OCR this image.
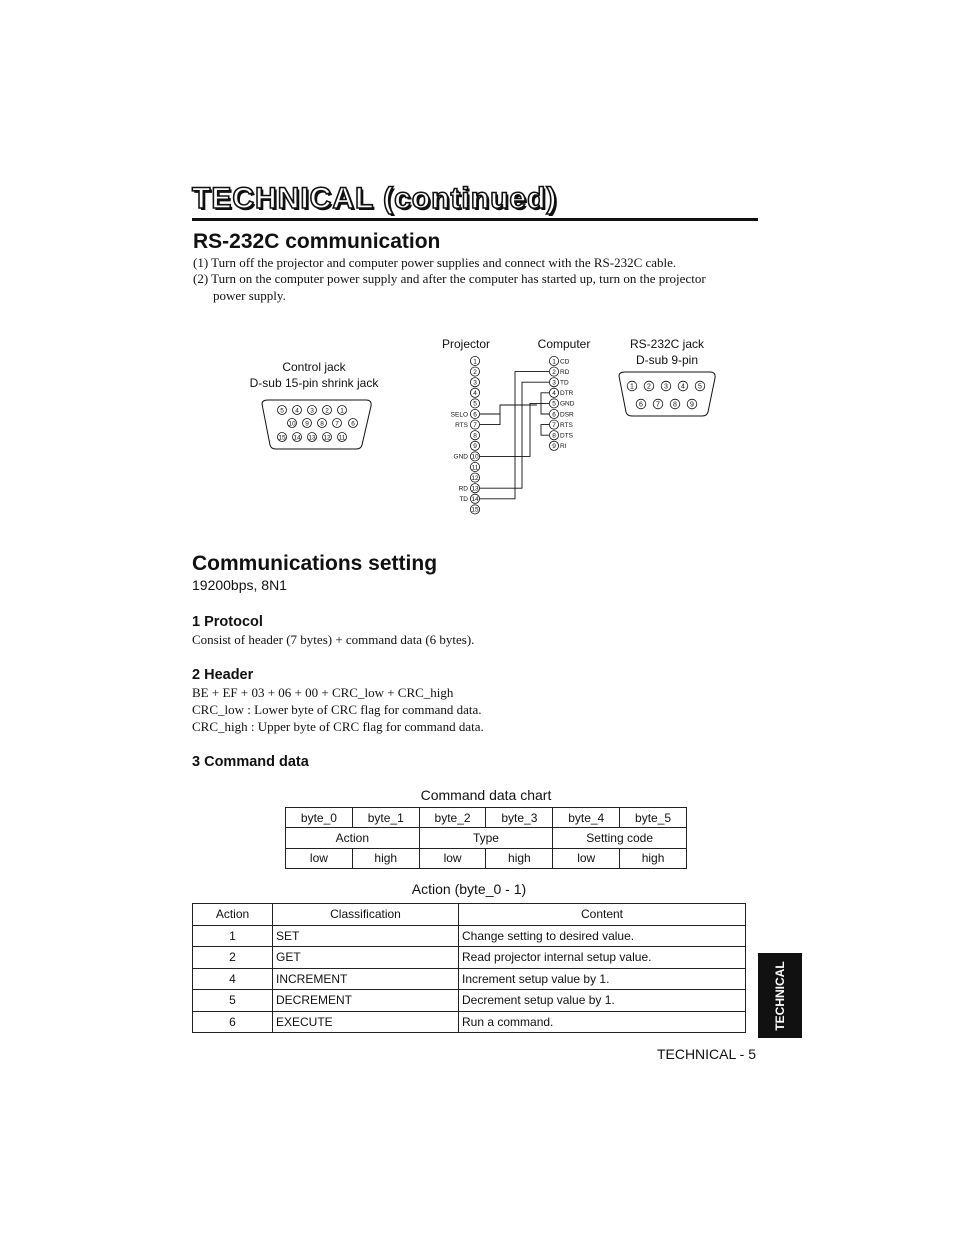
TECHNICAL (continued)
RS-232C communication
(1) Turn off the projector and computer power supplies and connect with the RS-232C cable.
(2) Turn on the computer power supply and after the computer has started up, turn on the projector
power supply.
Control jack
D-sub 15-pin shrink jack
Projector	Computer	RS-232C jack
D-sub 9-pin
5 4 3 2 1
10 9 8 7 6
15 14 13 12 11
1 2 3 4 5
6 7 8 9
1
2
3
4
5
6
7
8
9
10
11
12
13
14
15
SELO
RTS
GND
RD
TD
1 CD
2 RD
3 TD
4 DTR
5 GND
6 DSR
7 RTS
8 DTS
9 RI
Communications setting
19200bps, 8N1
1 Protocol
Consist of header (7 bytes) + command data (6 bytes).
2 Header
BE + EF + 03 + 06 + 00 + CRC_low + CRC_high
CRC_low : Lower byte of CRC flag for command data.
CRC_high : Upper byte of CRC flag for command data.
3 Command data
Command data chart
byte_0	byte_1	byte_2	byte_3	byte_4	byte_5
Action		Type		Setting code	
low	high	low	high	low	high
Action (byte_0 - 1)
Action	Classification	Content
1	SET	Change setting to desired value.
2	GET	Read projector internal setup value.
4	INCREMENT	Increment setup value by 1.
5	DECREMENT	Decrement setup value by 1.
6	EXECUTE	Run a command.	TECHNICAL
TECHNICAL - 5
